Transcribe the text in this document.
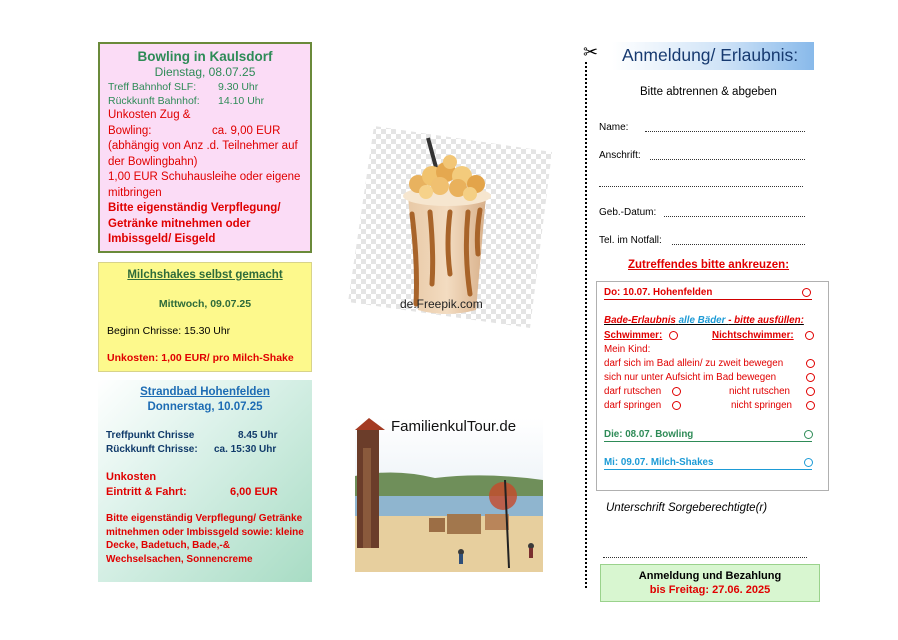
Bowling in Kaulsdorf
Dienstag, 08.07.25
Treff Bahnhof SLF: 9.30 Uhr
Rückkunft Bahnhof: 14.10 Uhr
Unkosten Zug &
Bowling:	ca. 9,00 EUR
(abhängig von Anz .d. Teilnehmer auf der Bowlingbahn)
1,00 EUR Schuhausleihe oder eigene mitbringen
Bitte eigenständig Verpflegung/ Getränke mitnehmen oder Imbissgeld/ Eisgeld
Milchshakes selbst gemacht
Mittwoch, 09.07.25
Beginn Chrisse: 15.30 Uhr
Unkosten: 1,00 EUR/ pro Milch-Shake
Strandbad Hohenfelden
Donnerstag, 10.07.25
Treffpunkt Chrisse	8.45 Uhr
Rückkunft Chrisse: ca. 15:30 Uhr
Unkosten
Eintritt & Fahrt:	6,00 EUR
Bitte eigenständig Verpflegung/ Getränke mitnehmen oder Imbissgeld sowie: kleine Decke, Badetuch, Bade,-& Wechselsachen, Sonnencreme
de.Freepik.com
FamilienkulTour.de
✂ Anmeldung/ Erlaubnis:
Bitte abtrennen & abgeben
Name:
Anschrift:
Geb.-Datum:
Tel. im Notfall:
Zutreffendes bitte ankreuzen:
Do: 10.07. Hohenfelden
Bade-Erlaubnis alle Bäder - bitte ausfüllen:
Schwimmer:	Nichtschwimmer:
Mein Kind:
darf sich im Bad allein/ zu zweit bewegen
sich nur unter Aufsicht im Bad bewegen
darf rutschen	nicht rutschen
darf springen	nicht springen
Die: 08.07. Bowling
Mi: 09.07. Milch-Shakes
Unterschrift Sorgeberechtigte(r)
Anmeldung und Bezahlung
bis Freitag: 27.06. 2025
